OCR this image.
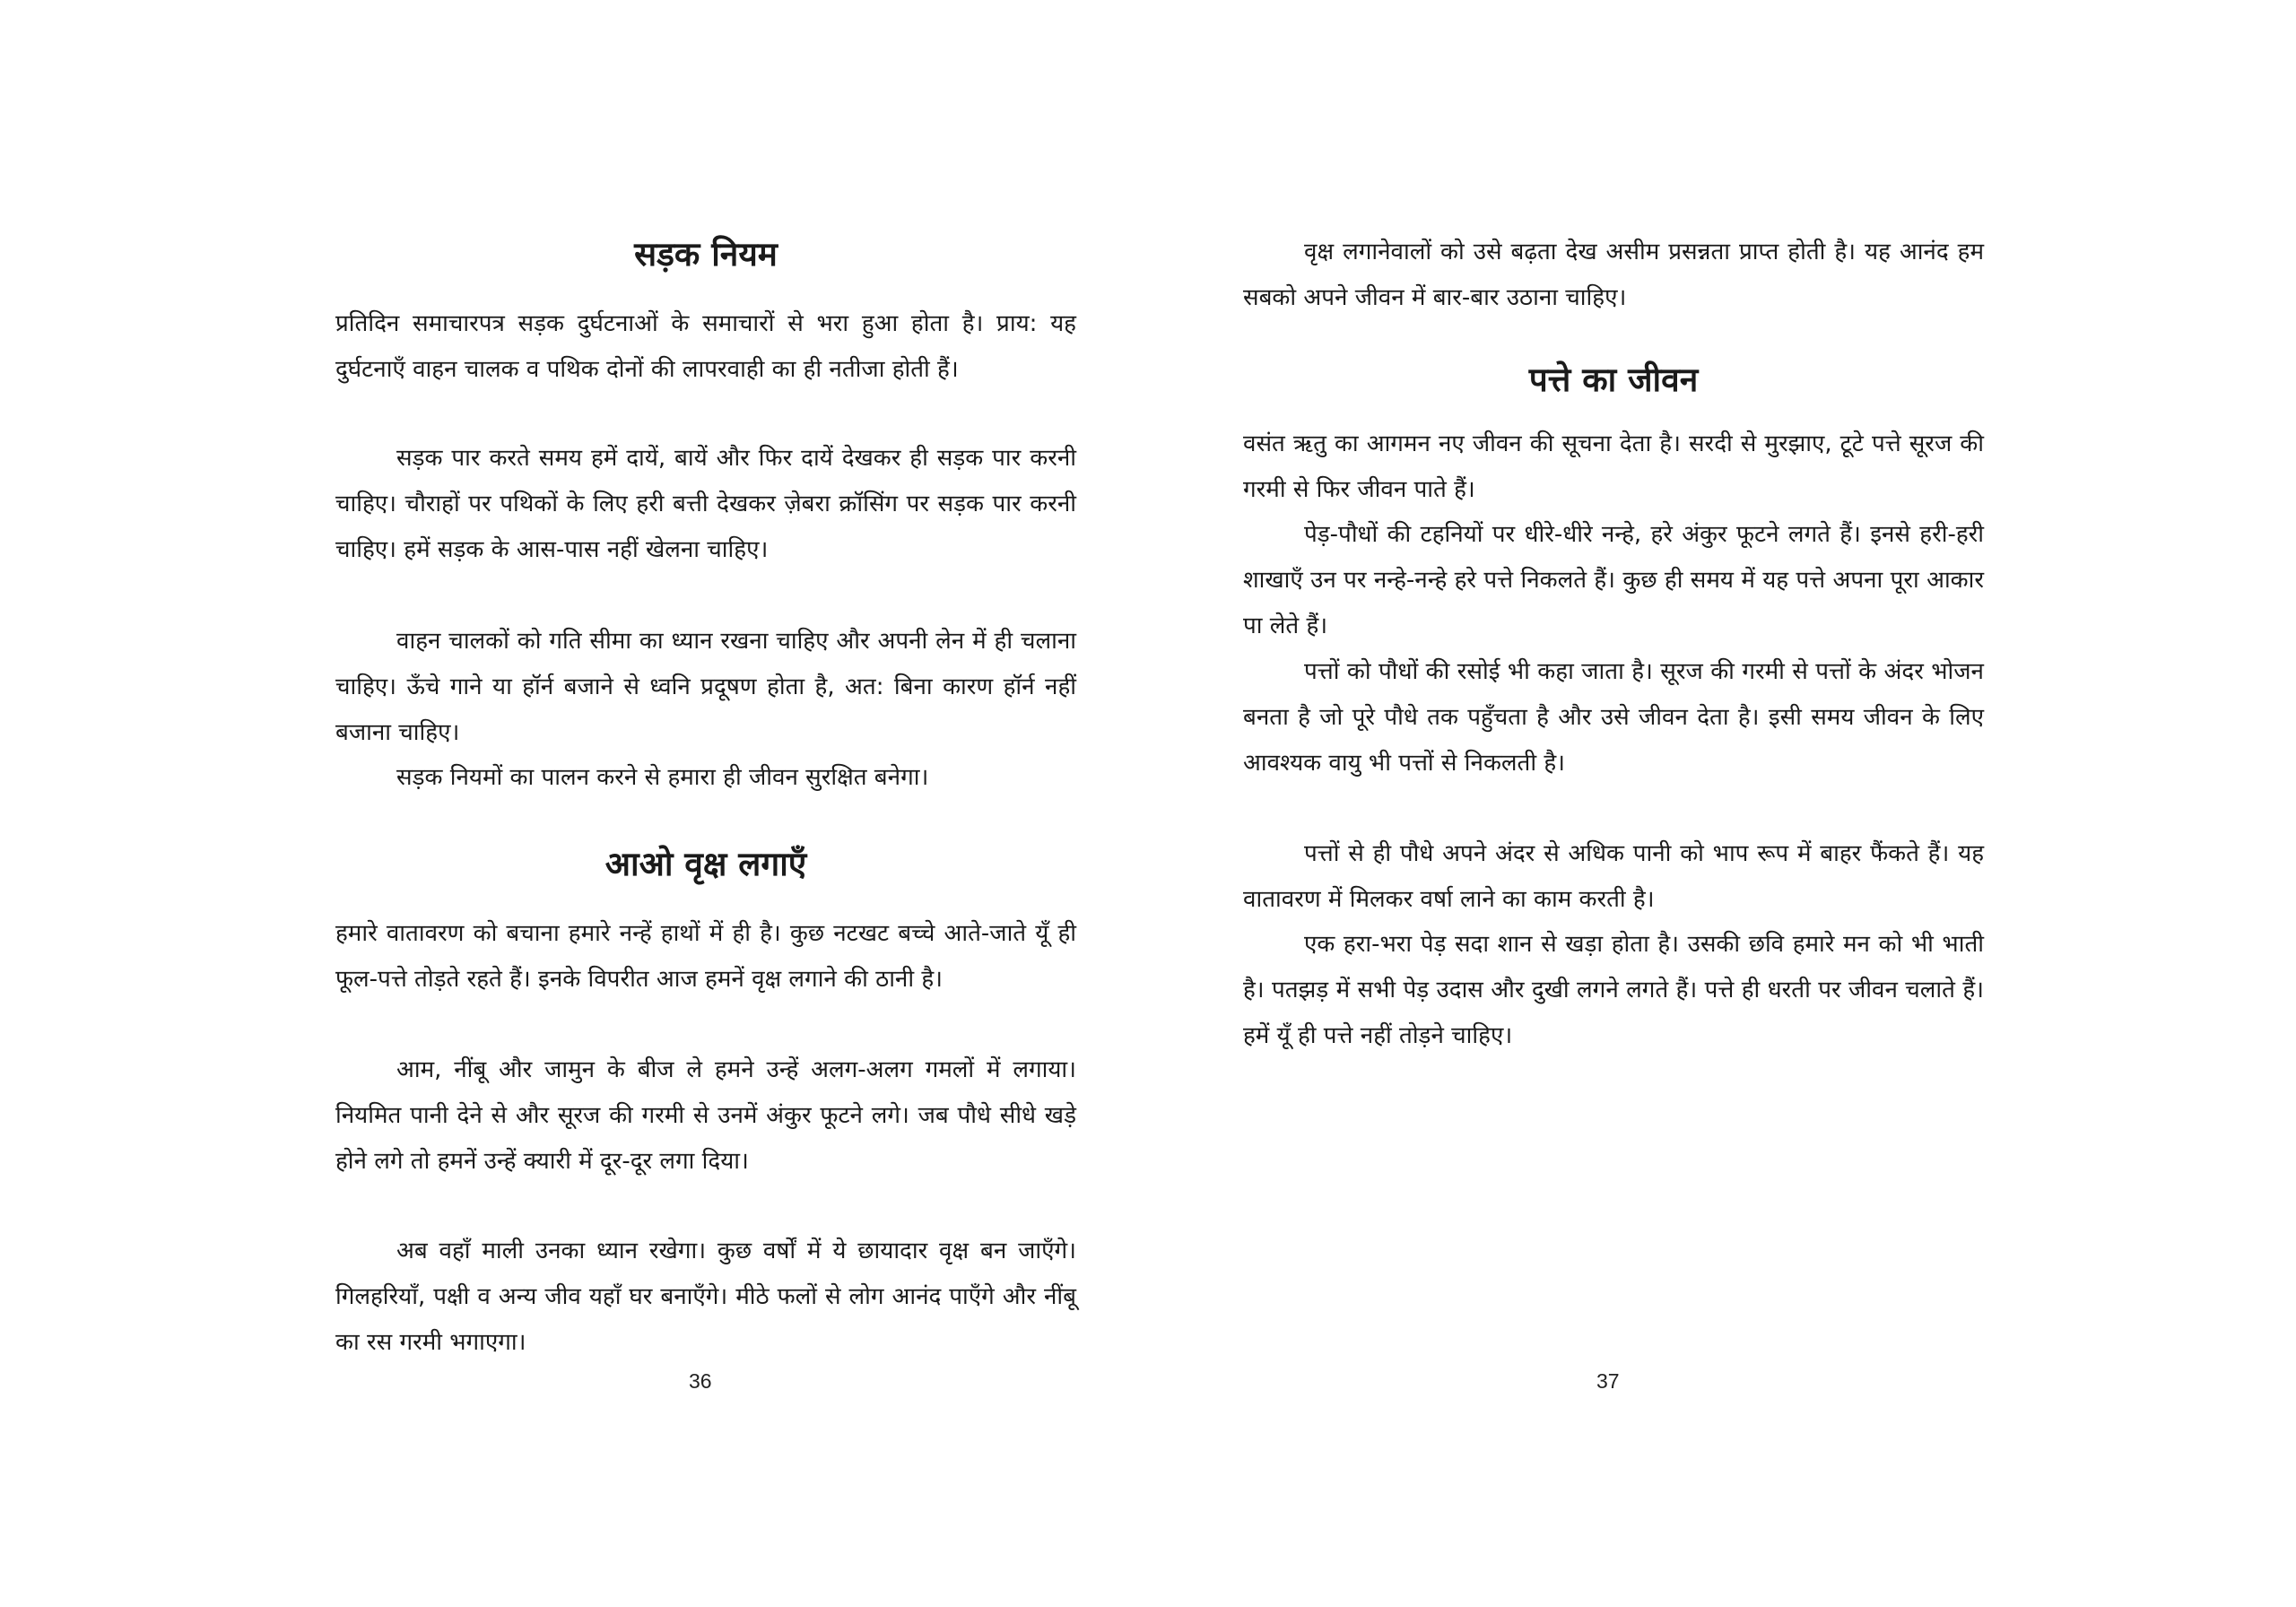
सड़क नियम

प्रतिदिन समाचारपत्र सड़क दुर्घटनाओं के समाचारों से भरा हुआ होता है। प्राय: यह दुर्घटनाएँ वाहन चालक व पथिक दोनों की लापरवाही का ही नतीजा होती हैं।

सड़क पार करते समय हमें दायें, बायें और फिर दायें देखकर ही सड़क पार करनी चाहिए। चौराहों पर पथिकों के लिए हरी बत्ती देखकर ज़ेबरा क्रॉसिंग पर सड़क पार करनी चाहिए। हमें सड़क के आस-पास नहीं खेलना चाहिए।

वाहन चालकों को गति सीमा का ध्यान रखना चाहिए और अपनी लेन में ही चलाना चाहिए। ऊँचे गाने या हॉर्न बजाने से ध्वनि प्रदूषण होता है, अत: बिना कारण हॉर्न नहीं बजाना चाहिए।

सड़क नियमों का पालन करने से हमारा ही जीवन सुरक्षित बनेगा।

आओ वृक्ष लगाएँ

हमारे वातावरण को बचाना हमारे नन्हें हाथों में ही है। कुछ नटखट बच्चे आते-जाते यूँ ही फूल-पत्ते तोड़ते रहते हैं। इनके विपरीत आज हमनें वृक्ष लगाने की ठानी है।

आम, नींबू और जामुन के बीज ले हमने उन्हें अलग-अलग गमलों में लगाया। नियमित पानी देने से और सूरज की गरमी से उनमें अंकुर फूटने लगे। जब पौधे सीधे खड़े होने लगे तो हमनें उन्हें क्यारी में दूर-दूर लगा दिया।

अब वहाँ माली उनका ध्यान रखेगा। कुछ वर्षों में ये छायादार वृक्ष बन जाएँगे। गिलहरियाँ, पक्षी व अन्य जीव यहाँ घर बनाएँगे। मीठे फलों से लोग आनंद पाएँगे और नींबू का रस गरमी भगाएगा।

36

वृक्ष लगानेवालों को उसे बढ़ता देख असीम प्रसन्नता प्राप्त होती है। यह आनंद हम सबको अपने जीवन में बार-बार उठाना चाहिए।

पत्ते का जीवन

वसंत ऋतु का आगमन नए जीवन की सूचना देता है। सरदी से मुरझाए, टूटे पत्ते सूरज की गरमी से फिर जीवन पाते हैं।

पेड़-पौधों की टहनियों पर धीरे-धीरे नन्हे, हरे अंकुर फूटने लगते हैं। इनसे हरी-हरी शाखाएँ उन पर नन्हे-नन्हे हरे पत्ते निकलते हैं। कुछ ही समय में यह पत्ते अपना पूरा आकार पा लेते हैं।

पत्तों को पौधों की रसोई भी कहा जाता है। सूरज की गरमी से पत्तों के अंदर भोजन बनता है जो पूरे पौधे तक पहुँचता है और उसे जीवन देता है। इसी समय जीवन के लिए आवश्यक वायु भी पत्तों से निकलती है।

पत्तों से ही पौधे अपने अंदर से अधिक पानी को भाप रूप में बाहर फैंकते हैं। यह वातावरण में मिलकर वर्षा लाने का काम करती है।

एक हरा-भरा पेड़ सदा शान से खड़ा होता है। उसकी छवि हमारे मन को भी भाती है। पतझड़ में सभी पेड़ उदास और दुखी लगने लगते हैं। पत्ते ही धरती पर जीवन चलाते हैं। हमें यूँ ही पत्ते नहीं तोड़ने चाहिए।

37
